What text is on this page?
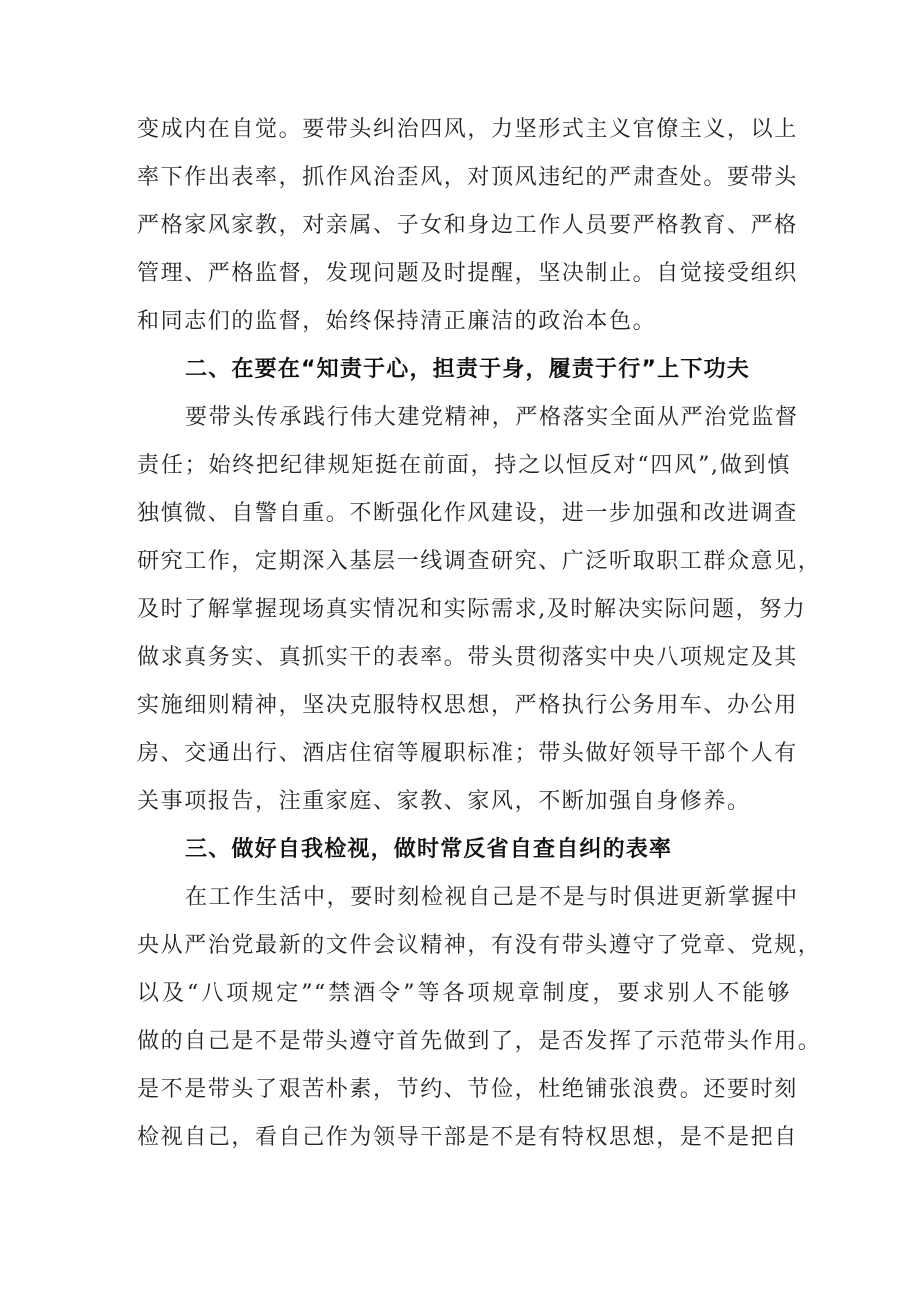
变成内在自觉。要带头纠治四风，力坚形式主义官僚主义，以上
率下作出表率，抓作风治歪风，对顶风违纪的严肃查处。要带头
严格家风家教，对亲属、子女和身边工作人员要严格教育、严格
管理、严格监督，发现问题及时提醒，坚决制止。自觉接受组织
和同志们的监督，始终保持清正廉洁的政治本色。
二、在要在“知责于心，担责于身，履责于行”上下功夫
要带头传承践行伟大建党精神，严格落实全面从严治党监督
责任；始终把纪律规矩挺在前面，持之以恒反对“四风”,做到慎
独慎微、自警自重。不断强化作风建设，进一步加强和改进调查
研究工作，定期深入基层一线调查研究、广泛听取职工群众意见，
及时了解掌握现场真实情况和实际需求,及时解决实际问题，努力
做求真务实、真抓实干的表率。带头贯彻落实中央八项规定及其
实施细则精神，坚决克服特权思想，严格执行公务用车、办公用
房、交通出行、酒店住宿等履职标准；带头做好领导干部个人有
关事项报告，注重家庭、家教、家风，不断加强自身修养。
三、做好自我检视，做时常反省自查自纠的表率
在工作生活中，要时刻检视自己是不是与时俱进更新掌握中
央从严治党最新的文件会议精神，有没有带头遵守了党章、党规，
以及“八项规定”“禁酒令”等各项规章制度，要求别人不能够
做的自己是不是带头遵守首先做到了，是否发挥了示范带头作用。
是不是带头了艰苦朴素，节约、节俭，杜绝铺张浪费。还要时刻
检视自己，看自己作为领导干部是不是有特权思想，是不是把自
